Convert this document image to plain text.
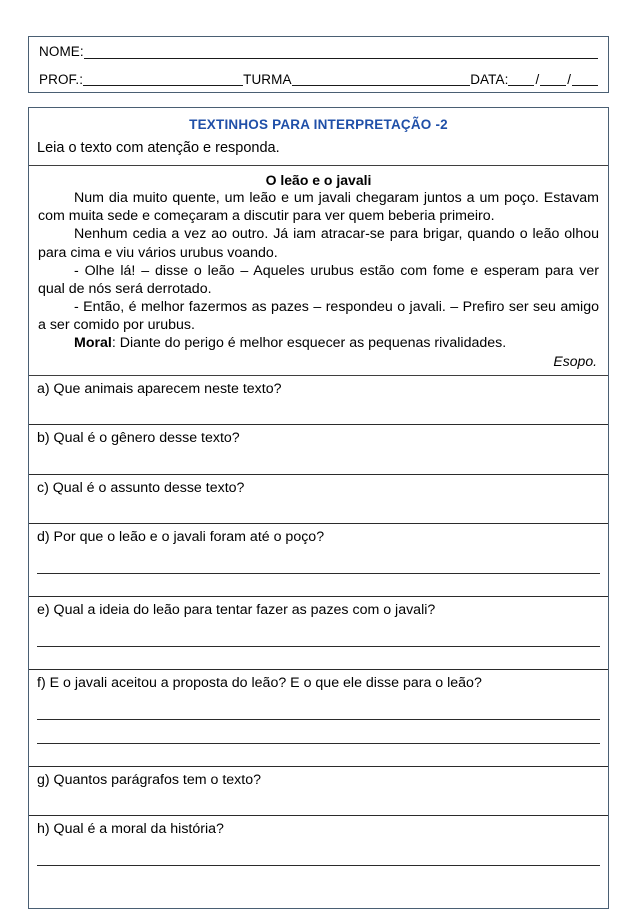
NOME:
PROF.:	TURMA	DATA: / /
TEXTINHOS PARA INTERPRETAÇÃO -2
Leia o texto com atenção e responda.
O leão e o javali

Num dia muito quente, um leão e um javali chegaram juntos a um poço. Estavam com muita sede e começaram a discutir para ver quem beberia primeiro.

Nenhum cedia a vez ao outro. Já iam atracar-se para brigar, quando o leão olhou para cima e viu vários urubus voando.

- Olhe lá! – disse o leão – Aqueles urubus estão com fome e esperam para ver qual de nós será derrotado.

- Então, é melhor fazermos as pazes – respondeu o javali. – Prefiro ser seu amigo a ser comido por urubus.

Moral: Diante do perigo é melhor esquecer as pequenas rivalidades.

Esopo.
a) Que animais aparecem neste texto?
b) Qual é o gênero desse texto?
c) Qual é o assunto desse texto?
d) Por que o leão e o javali foram até o poço?
e) Qual a ideia do leão para tentar fazer as pazes com o javali?
f) E o javali aceitou a proposta do leão? E o que ele disse para o leão?
g) Quantos parágrafos tem o texto?
h) Qual é a moral da história?
